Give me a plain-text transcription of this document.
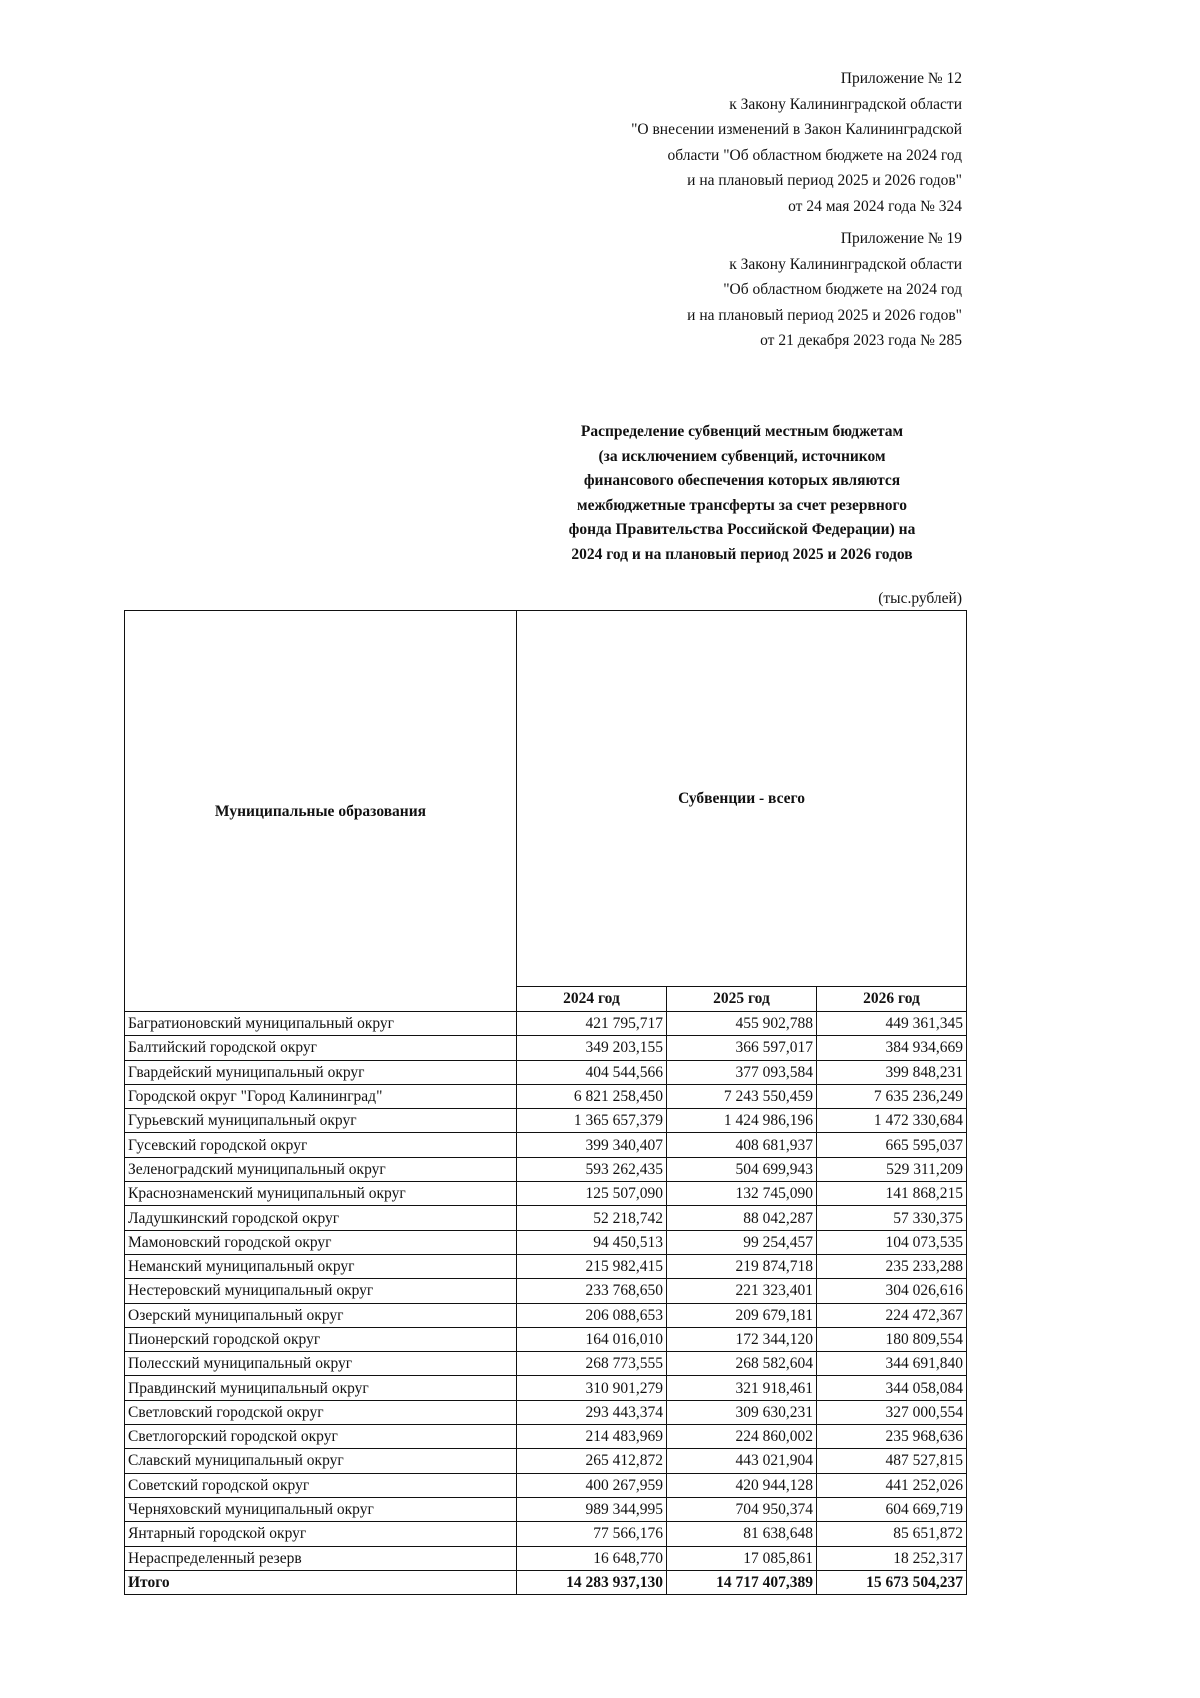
Приложение № 12
к Закону Калининградской области
"О внесении изменений в Закон Калининградской
области "Об областном бюджете на 2024 год
и на плановый период 2025 и 2026 годов"
от 24 мая 2024 года № 324
Приложение № 19
к Закону Калининградской области
"Об областном бюджете на 2024 год
и на плановый период 2025 и 2026 годов"
от 21 декабря 2023 года № 285
Распределение субвенций местным бюджетам
(за исключением субвенций, источником
финансового обеспечения которых являются
межбюджетные трансферты за счет резервного
фонда Правительства Российской Федерации) на
2024 год и на плановый период 2025 и 2026 годов
(тыс.рублей)
Муниципальные образования	Субвенции - всего		
	2024 год	2025 год	2026 год
Багратионовский муниципальный округ	421 795,717	455 902,788	449 361,345
Балтийский городской округ	349 203,155	366 597,017	384 934,669
Гвардейский муниципальный округ	404 544,566	377 093,584	399 848,231
Городской округ "Город Калининград"	6 821 258,450	7 243 550,459	7 635 236,249
Гурьевский муниципальный округ	1 365 657,379	1 424 986,196	1 472 330,684
Гусевский городской округ	399 340,407	408 681,937	665 595,037
Зеленоградский муниципальный округ	593 262,435	504 699,943	529 311,209
Краснознаменский муниципальный округ	125 507,090	132 745,090	141 868,215
Ладушкинский городской округ	52 218,742	88 042,287	57 330,375
Мамоновский городской округ	94 450,513	99 254,457	104 073,535
Неманский муниципальный округ	215 982,415	219 874,718	235 233,288
Нестеровский муниципальный округ	233 768,650	221 323,401	304 026,616
Озерский муниципальный округ	206 088,653	209 679,181	224 472,367
Пионерский городской округ	164 016,010	172 344,120	180 809,554
Полесский муниципальный округ	268 773,555	268 582,604	344 691,840
Правдинский муниципальный округ	310 901,279	321 918,461	344 058,084
Светловский городской округ	293 443,374	309 630,231	327 000,554
Светлогорский городской округ	214 483,969	224 860,002	235 968,636
Славский муниципальный округ	265 412,872	443 021,904	487 527,815
Советский городской округ	400 267,959	420 944,128	441 252,026
Черняховский муниципальный округ	989 344,995	704 950,374	604 669,719
Янтарный городской округ	77 566,176	81 638,648	85 651,872
Нераспределенный резерв	16 648,770	17 085,861	18 252,317
Итого	14 283 937,130	14 717 407,389	15 673 504,237
